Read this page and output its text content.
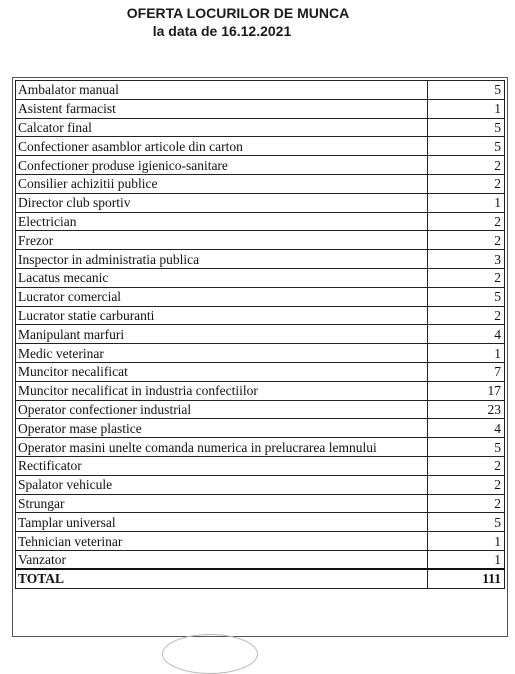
OFERTA LOCURILOR DE MUNCA
la data de 16.12.2021
Ambalator manual	5
Asistent farmacist	1
Calcator final	5
Confectioner asamblor articole din carton	5
Confectioner produse igienico-sanitare	2
Consilier achizitii publice	2
Director club sportiv	1
Electrician	2
Frezor	2
Inspector in administratia publica	3
Lacatus mecanic	2
Lucrator comercial	5
Lucrator statie carburanti	2
Manipulant marfuri	4
Medic veterinar	1
Muncitor necalificat	7
Muncitor necalificat in industria confectiilor	17
Operator confectioner industrial	23
Operator mase plastice	4
Operator masini unelte comanda numerica in prelucrarea lemnului	5
Rectificator	2
Spalator vehicule	2
Strungar	2
Tamplar universal	5
Tehnician veterinar	1
Vanzator	1
TOTAL	111
